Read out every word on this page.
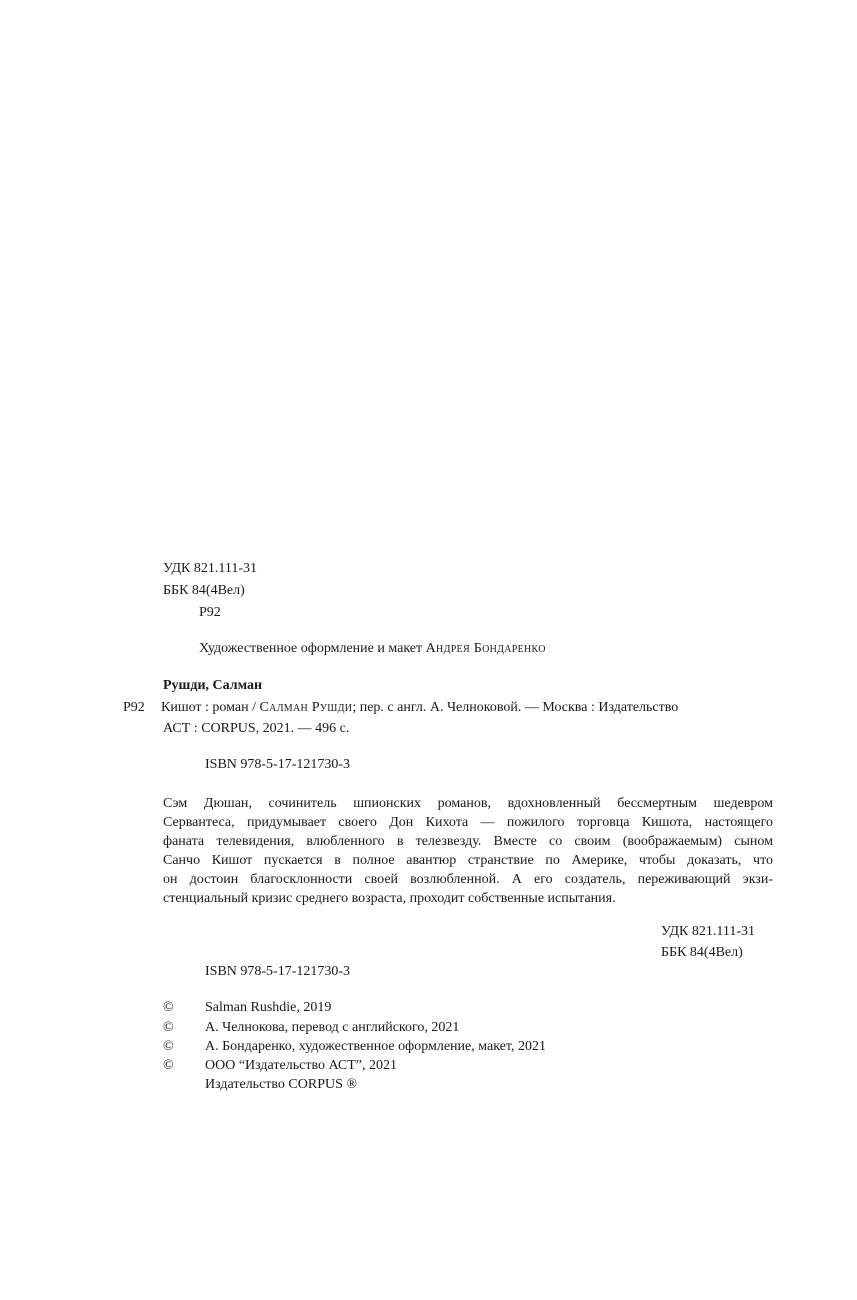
УДК 821.111-31
ББК 84(4Вел)
Р92
Художественное оформление и макет Андрея Бондаренко
Рушди, Салман
Р92 Кишот : роман / Салман Рушди; пер. с англ. А. Челноковой. — Москва : Издательство
АСТ : CORPUS, 2021. — 496 с.
ISBN 978-5-17-121730-3
Сэм Дюшан, сочинитель шпионских романов, вдохновленный бессмертным шедевром
Сервантеса, придумывает своего Дон Кихота — пожилого торговца Кишота, настоящего
фаната телевидения, влюбленного в телезвезду. Вместе со своим (воображаемым) сыном
Санчо Кишот пускается в полное авантюр странствие по Америке, чтобы доказать, что
он достоин благосклонности своей возлюбленной. А его создатель, переживающий экзи-
стенциальный кризис среднего возраста, проходит собственные испытания.
УДК 821.111-31
ББК 84(4Вел)
ISBN 978-5-17-121730-3
© Salman Rushdie, 2019
© А. Челнокова, перевод с английского, 2021
© А. Бондаренко, художественное оформление, макет, 2021
© ООО “Издательство АСТ”, 2021
Издательство CORPUS ®
